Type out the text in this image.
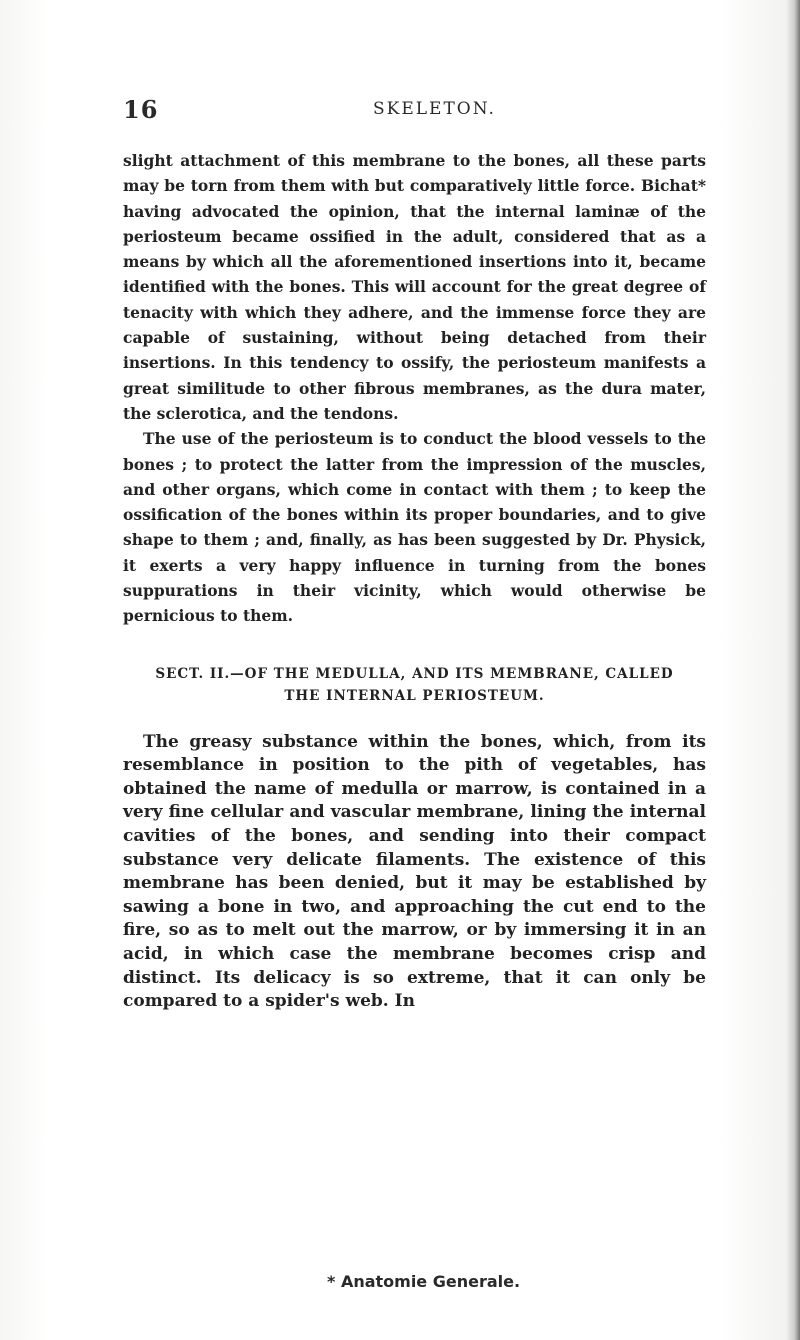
16	SKELETON.

slight attachment of this membrane to the bones, all these parts may be torn from them with but comparatively little force. Bichat* having advocated the opinion, that the internal laminæ of the periosteum became ossified in the adult, considered that as a means by which all the aforementioned insertions into it, became identified with the bones. This will account for the great degree of tenacity with which they adhere, and the immense force they are capable of sustaining, without being detached from their insertions. In this tendency to ossify, the periosteum manifests a great similitude to other fibrous membranes, as the dura mater, the sclerotica, and the tendons.

The use of the periosteum is to conduct the blood vessels to the bones ; to protect the latter from the impression of the muscles, and other organs, which come in contact with them ; to keep the ossification of the bones within its proper boundaries, and to give shape to them ; and, finally, as has been suggested by Dr. Physick, it exerts a very happy influence in turning from the bones suppurations in their vicinity, which would otherwise be pernicious to them.

SECT. II.—OF THE MEDULLA, AND ITS MEMBRANE, CALLED
THE INTERNAL PERIOSTEUM.

The greasy substance within the bones, which, from its resemblance in position to the pith of vegetables, has obtained the name of medulla or marrow, is contained in a very fine cellular and vascular membrane, lining the internal cavities of the bones, and sending into their compact substance very delicate filaments. The existence of this membrane has been denied, but it may be established by sawing a bone in two, and approaching the cut end to the fire, so as to melt out the marrow, or by immersing it in an acid, in which case the membrane becomes crisp and distinct. Its delicacy is so extreme, that it can only be compared to a spider's web. In

* Anatomie Generale.
